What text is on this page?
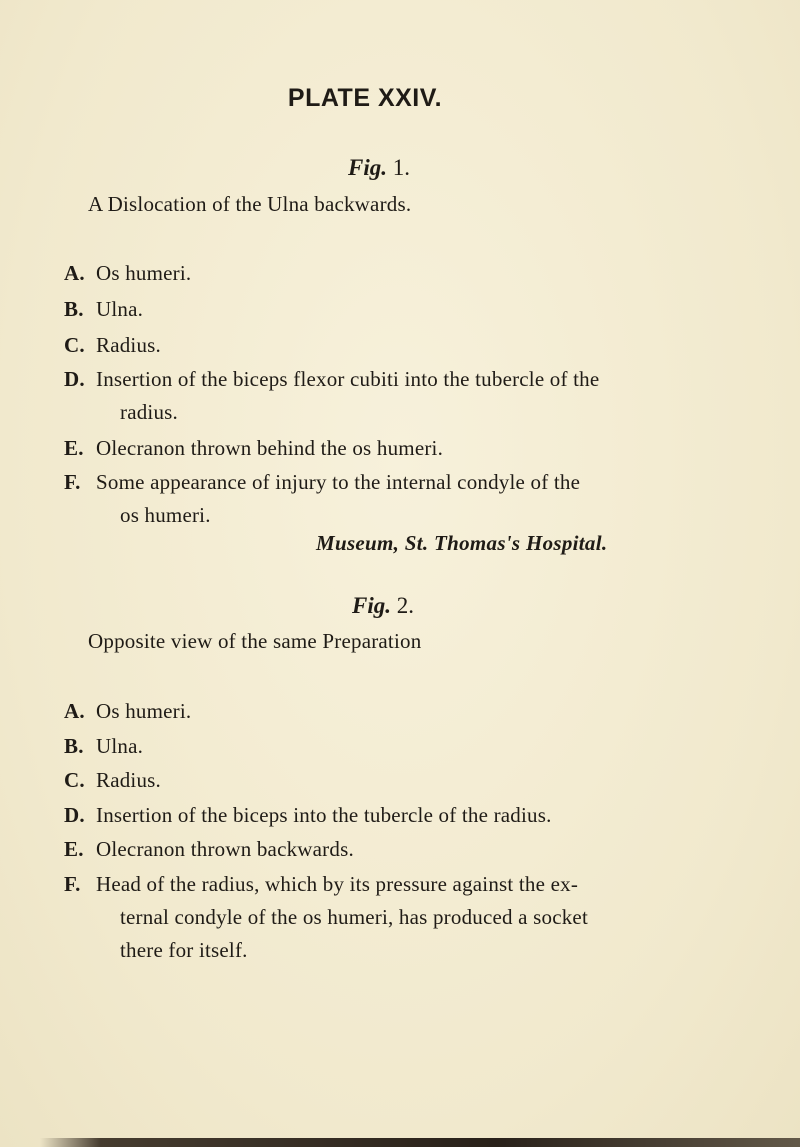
PLATE XXIV.
Fig. 1.
A Dislocation of the Ulna backwards.
A. Os humeri.
B. Ulna.
C. Radius.
D. Insertion of the biceps flexor cubiti into the tubercle of the
radius.
E. Olecranon thrown behind the os humeri.
F. Some appearance of injury to the internal condyle of the
os humeri.
Museum, St. Thomas's Hospital.
Fig. 2.
Opposite view of the same Preparation
A. Os humeri.
B. Ulna.
C. Radius.
D. Insertion of the biceps into the tubercle of the radius.
E. Olecranon thrown backwards.
F. Head of the radius, which by its pressure against the ex-
ternal condyle of the os humeri, has produced a socket
there for itself.
